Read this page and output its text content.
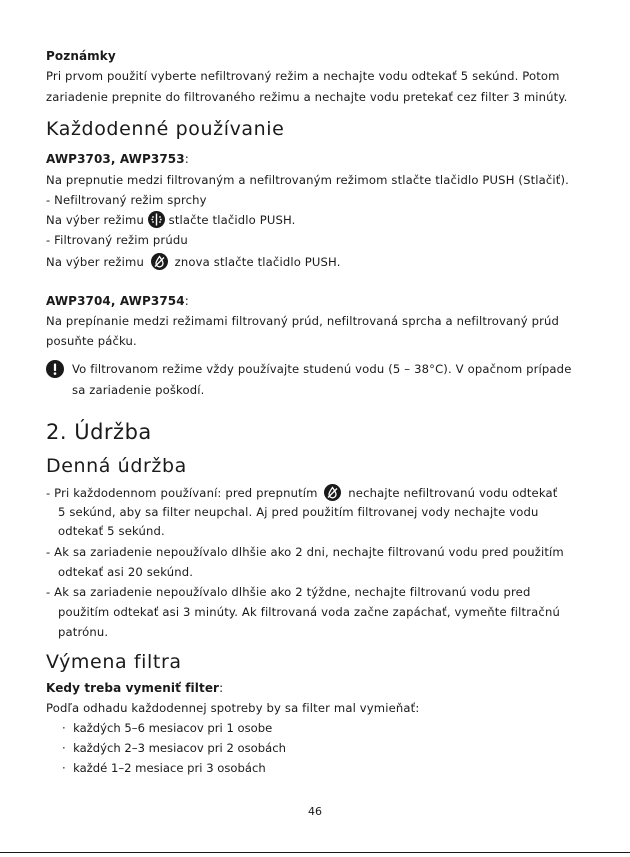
Poznámky
Pri prvom použití vyberte nefiltrovaný režim a nechajte vodu odtekať 5 sekúnd. Potom
zariadenie prepnite do filtrovaného režimu a nechajte vodu pretekať cez filter 3 minúty.
Každodenné používanie
AWP3703, AWP3753:
Na prepnutie medzi filtrovaným a nefiltrovaným režimom stlačte tlačidlo PUSH (Stlačiť).
- Nefiltrovaný režim sprchy
Na výber režimu stlačte tlačidlo PUSH.
- Filtrovaný režim prúdu
Na výber režimu	znova stlačte tlačidlo PUSH.
AWP3704, AWP3754:
Na prepínanie medzi režimami filtrovaný prúd, nefiltrovaná sprcha a nefiltrovaný prúd
posuňte páčku.
Vo filtrovanom režime vždy používajte studenú vodu (5 – 38°C). V opačnom prípade
sa zariadenie poškodí.
2. Údržba
Denná údržba
- Pri každodennom používaní: pred prepnutím	nechajte nefiltrovanú vodu odtekať
5 sekúnd, aby sa filter neupchal. Aj pred použitím filtrovanej vody nechajte vodu
odtekať 5 sekúnd.
- Ak sa zariadenie nepoužívalo dlhšie ako 2 dni, nechajte filtrovanú vodu pred použitím
odtekať asi 20 sekúnd.
- Ak sa zariadenie nepoužívalo dlhšie ako 2 týždne, nechajte filtrovanú vodu pred
použitím odtekať asi 3 minúty. Ak filtrovaná voda začne zapáchať, vymeňte filtračnú
patrónu.
Výmena filtra
Kedy treba vymeniť filter:
Podľa odhadu každodennej spotreby by sa filter mal vymieňať:
·  každých 5–6 mesiacov pri 1 osobe
·  každých 2–3 mesiacov pri 2 osobách
·  každé 1–2 mesiace pri 3 osobách
46
